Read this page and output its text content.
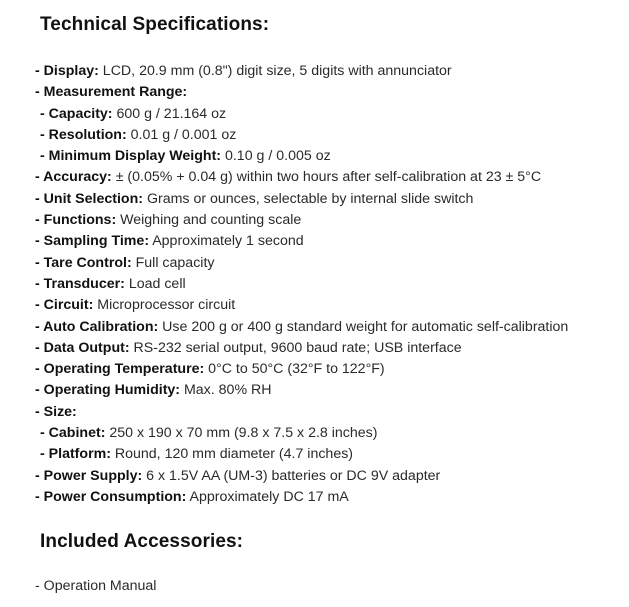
Technical Specifications:
- Display: LCD, 20.9 mm (0.8") digit size, 5 digits with annunciator
- Measurement Range:
- Capacity: 600 g / 21.164 oz
- Resolution: 0.01 g / 0.001 oz
- Minimum Display Weight: 0.10 g / 0.005 oz
- Accuracy: ± (0.05% + 0.04 g) within two hours after self-calibration at 23 ± 5°C
- Unit Selection: Grams or ounces, selectable by internal slide switch
- Functions: Weighing and counting scale
- Sampling Time: Approximately 1 second
- Tare Control: Full capacity
- Transducer: Load cell
- Circuit: Microprocessor circuit
- Auto Calibration: Use 200 g or 400 g standard weight for automatic self-calibration
- Data Output: RS-232 serial output, 9600 baud rate; USB interface
- Operating Temperature: 0°C to 50°C (32°F to 122°F)
- Operating Humidity: Max. 80% RH
- Size:
- Cabinet: 250 x 190 x 70 mm (9.8 x 7.5 x 2.8 inches)
- Platform: Round, 120 mm diameter (4.7 inches)
- Power Supply: 6 x 1.5V AA (UM-3) batteries or DC 9V adapter
- Power Consumption: Approximately DC 17 mA
Included Accessories:
- Operation Manual
